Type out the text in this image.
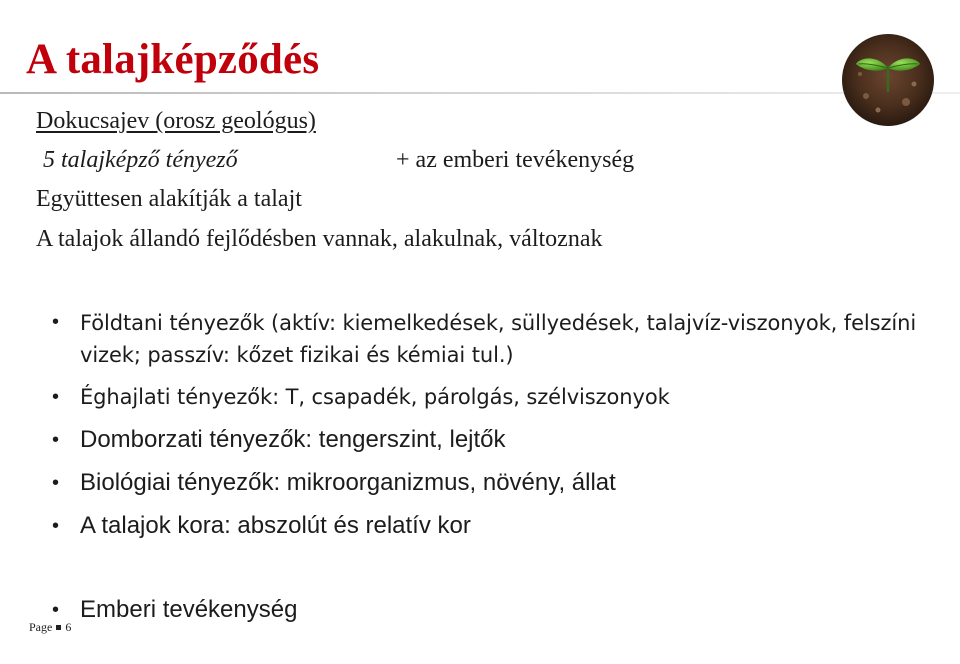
A talajképződés
Dokucsajev (orosz geológus)
5 talajképző tényező	+ az emberi tevékenység
Együttesen alakítják a talajt
A talajok állandó fejlődésben vannak, alakulnak, változnak
• Földtani tényezők (aktív: kiemelkedések, süllyedések, talajvíz-viszonyok, felszíni vizek; passzív: kőzet fizikai és kémiai tul.)
• Éghajlati tényezők: T, csapadék, párolgás, szélviszonyok
• Domborzati tényezők: tengerszint, lejtők
• Biológiai tényezők: mikroorganizmus, növény, állat
• A talajok kora: abszolút és relatív kor
• Emberi tevékenység
Page 6
